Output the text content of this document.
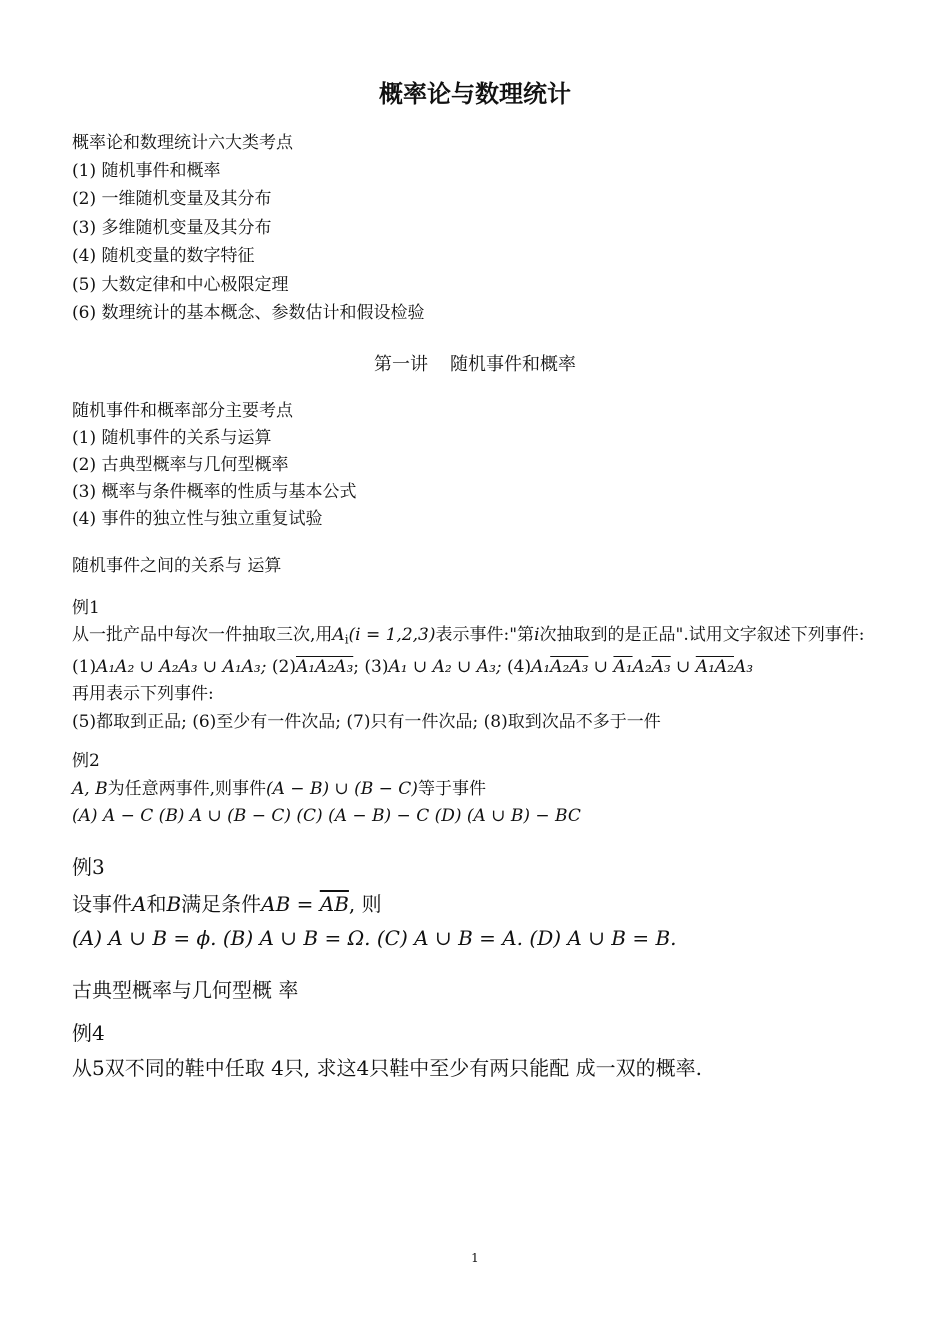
概率论与数理统计
概率论和数理统计六大类考点
(1) 随机事件和概率
(2) 一维随机变量及其分布
(3) 多维随机变量及其分布
(4) 随机变量的数字特征
(5) 大数定律和中心极限定理
(6) 数理统计的基本概念、参数估计和假设检验
第一讲 随机事件和概率
随机事件和概率部分主要考点
(1) 随机事件的关系与运算
(2) 古典型概率与几何型概率
(3) 概率与条件概率的性质与基本公式
(4) 事件的独立性与独立重复试验
随机事件之间的关系与 运算
例1
从一批产品中每次一件抽取三次,用$A_i(i = 1,2,3)$表示事件:"第i次抽取到的是正品".试用文字叙述下列事件:
(1)A₁A₂ ∪ A₂A₃ ∪ A₁A₃; (2)A₁A₂A₃; (3)A₁ ∪ A₂ ∪ A₃; (4)A₁A₂A₃ ∪ A₁A₂A₃ ∪ A₁A₂A₃
再用表示下列事件:
(5)都取到正品; (6)至少有一件次品; (7)只有一件次品; (8)取到次品不多于一件
例2
A, B为任意两事件,则事件(A − B) ∪ (B − C)等于事件
(A) A − C (B) A ∪ (B − C) (C) (A − B) − C (D) (A ∪ B) − BC
例3
设事件A和B满足条件AB = $\overline{AB}$, 则
(A) A ∪ B = ϕ. (B) A ∪ B = Ω. (C) A ∪ B = A. (D) A ∪ B = B.
古典型概率与几何型概 率
例4
从5双不同的鞋中任取 4只, 求这4只鞋中至少有两只能配 成一双的概率.
1
